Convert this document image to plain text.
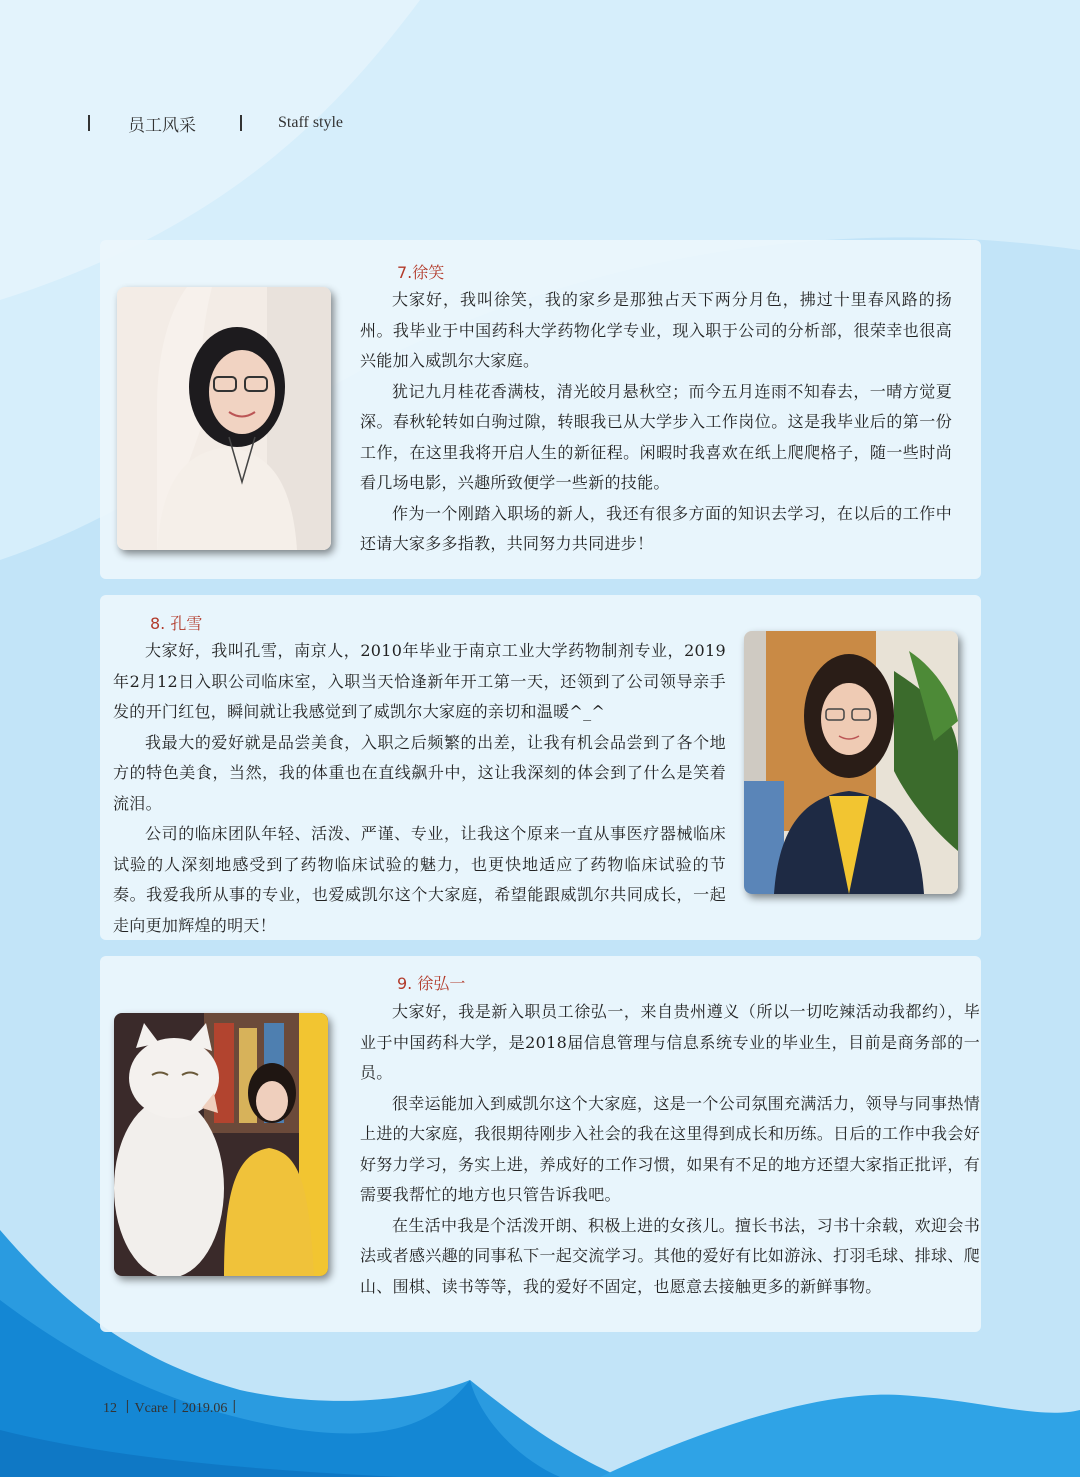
员工风采	Staff style
7.徐笑

大家好，我叫徐笑，我的家乡是那独占天下两分月色，拂过十里春风路的扬州。我毕业于中国药科大学药物化学专业，现入职于公司的分析部，很荣幸也很高兴能加入威凯尔大家庭。

犹记九月桂花香满枝，清光皎月悬秋空；而今五月连雨不知春去，一晴方觉夏深。春秋轮转如白驹过隙，转眼我已从大学步入工作岗位。这是我毕业后的第一份工作，在这里我将开启人生的新征程。闲暇时我喜欢在纸上爬爬格子，随一些时尚看几场电影，兴趣所致便学一些新的技能。

作为一个刚踏入职场的新人，我还有很多方面的知识去学习，在以后的工作中还请大家多多指教，共同努力共同进步！

8. 孔雪

大家好，我叫孔雪，南京人，2010年毕业于南京工业大学药物制剂专业，2019年2月12日入职公司临床室，入职当天恰逢新年开工第一天，还领到了公司领导亲手发的开门红包，瞬间就让我感觉到了威凯尔大家庭的亲切和温暖^_^

我最大的爱好就是品尝美食，入职之后频繁的出差，让我有机会品尝到了各个地方的特色美食，当然，我的体重也在直线飙升中，这让我深刻的体会到了什么是笑着流泪。

公司的临床团队年轻、活泼、严谨、专业，让我这个原来一直从事医疗器械临床试验的人深刻地感受到了药物临床试验的魅力，也更快地适应了药物临床试验的节奏。我爱我所从事的专业，也爱威凯尔这个大家庭，希望能跟威凯尔共同成长，一起走向更加辉煌的明天！

9. 徐弘一

大家好，我是新入职员工徐弘一，来自贵州遵义（所以一切吃辣活动我都约），毕业于中国药科大学，是2018届信息管理与信息系统专业的毕业生，目前是商务部的一员。

很幸运能加入到威凯尔这个大家庭，这是一个公司氛围充满活力，领导与同事热情上进的大家庭，我很期待刚步入社会的我在这里得到成长和历练。日后的工作中我会好好努力学习，务实上进，养成好的工作习惯，如果有不足的地方还望大家指正批评，有需要我帮忙的地方也只管告诉我吧。

在生活中我是个活泼开朗、积极上进的女孩儿。擅长书法，习书十余载，欢迎会书法或者感兴趣的同事私下一起交流学习。其他的爱好有比如游泳、打羽毛球、排球、爬山、围棋、读书等等，我的爱好不固定，也愿意去接触更多的新鲜事物。

12 丨Vcare丨2019.06丨
